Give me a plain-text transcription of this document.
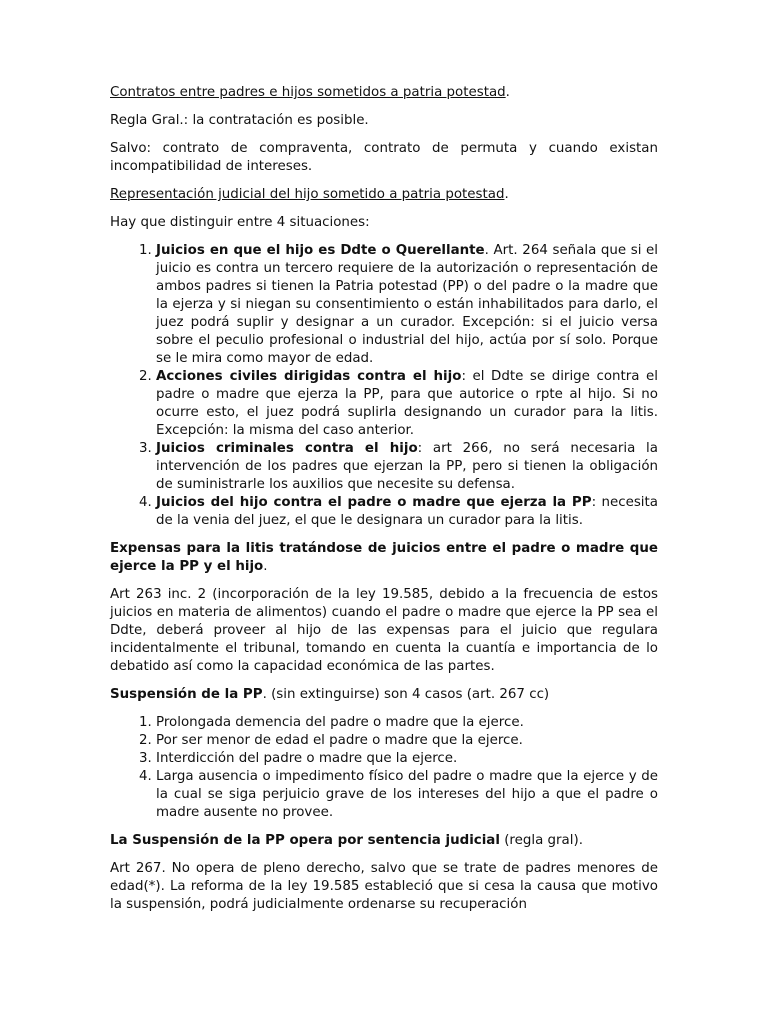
Contratos entre padres e hijos sometidos a patria potestad.

Regla Gral.: la contratación es posible.

Salvo: contrato de compraventa, contrato de permuta y cuando existan incompatibilidad de intereses.

Representación judicial del hijo sometido a patria potestad.

Hay que distinguir entre 4 situaciones:

1. Juicios en que el hijo es Ddte o Querellante. Art. 264 señala que si el juicio es contra un tercero requiere de la autorización o representación de ambos padres si tienen la Patria potestad (PP) o del padre o la madre que la ejerza y si niegan su consentimiento o están inhabilitados para darlo, el juez podrá suplir y designar a un curador. Excepción: si el juicio versa sobre el peculio profesional o industrial del hijo, actúa por sí solo. Porque se le mira como mayor de edad.
2. Acciones civiles dirigidas contra el hijo: el Ddte se dirige contra el padre o madre que ejerza la PP, para que autorice o rpte al hijo. Si no ocurre esto, el juez podrá suplirla designando un curador para la litis. Excepción: la misma del caso anterior.
3. Juicios criminales contra el hijo: art 266, no será necesaria la intervención de los padres que ejerzan la PP, pero si tienen la obligación de suministrarle los auxilios que necesite su defensa.
4. Juicios del hijo contra el padre o madre que ejerza la PP: necesita de la venia del juez, el que le designara un curador para la litis.

Expensas para la litis tratándose de juicios entre el padre o madre que ejerce la PP y el hijo.

Art 263 inc. 2 (incorporación de la ley 19.585, debido a la frecuencia de estos juicios en materia de alimentos) cuando el padre o madre que ejerce la PP sea el Ddte, deberá proveer al hijo de las expensas para el juicio que regulara incidentalmente el tribunal, tomando en cuenta la cuantía e importancia de lo debatido así como la capacidad económica de las partes.

Suspensión de la PP. (sin extinguirse) son 4 casos (art. 267 cc)

1. Prolongada demencia del padre o madre que la ejerce.
2. Por ser menor de edad el padre o madre que la ejerce.
3. Interdicción del padre o madre que la ejerce.
4. Larga ausencia o impedimento físico del padre o madre que la ejerce y de la cual se siga perjuicio grave de los intereses del hijo a que el padre o madre ausente no provee.

La Suspensión de la PP opera por sentencia judicial (regla gral).

Art 267. No opera de pleno derecho, salvo que se trate de padres menores de edad(*). La reforma de la ley 19.585 estableció que si cesa la causa que motivo la suspensión, podrá judicialmente ordenarse su recuperación
